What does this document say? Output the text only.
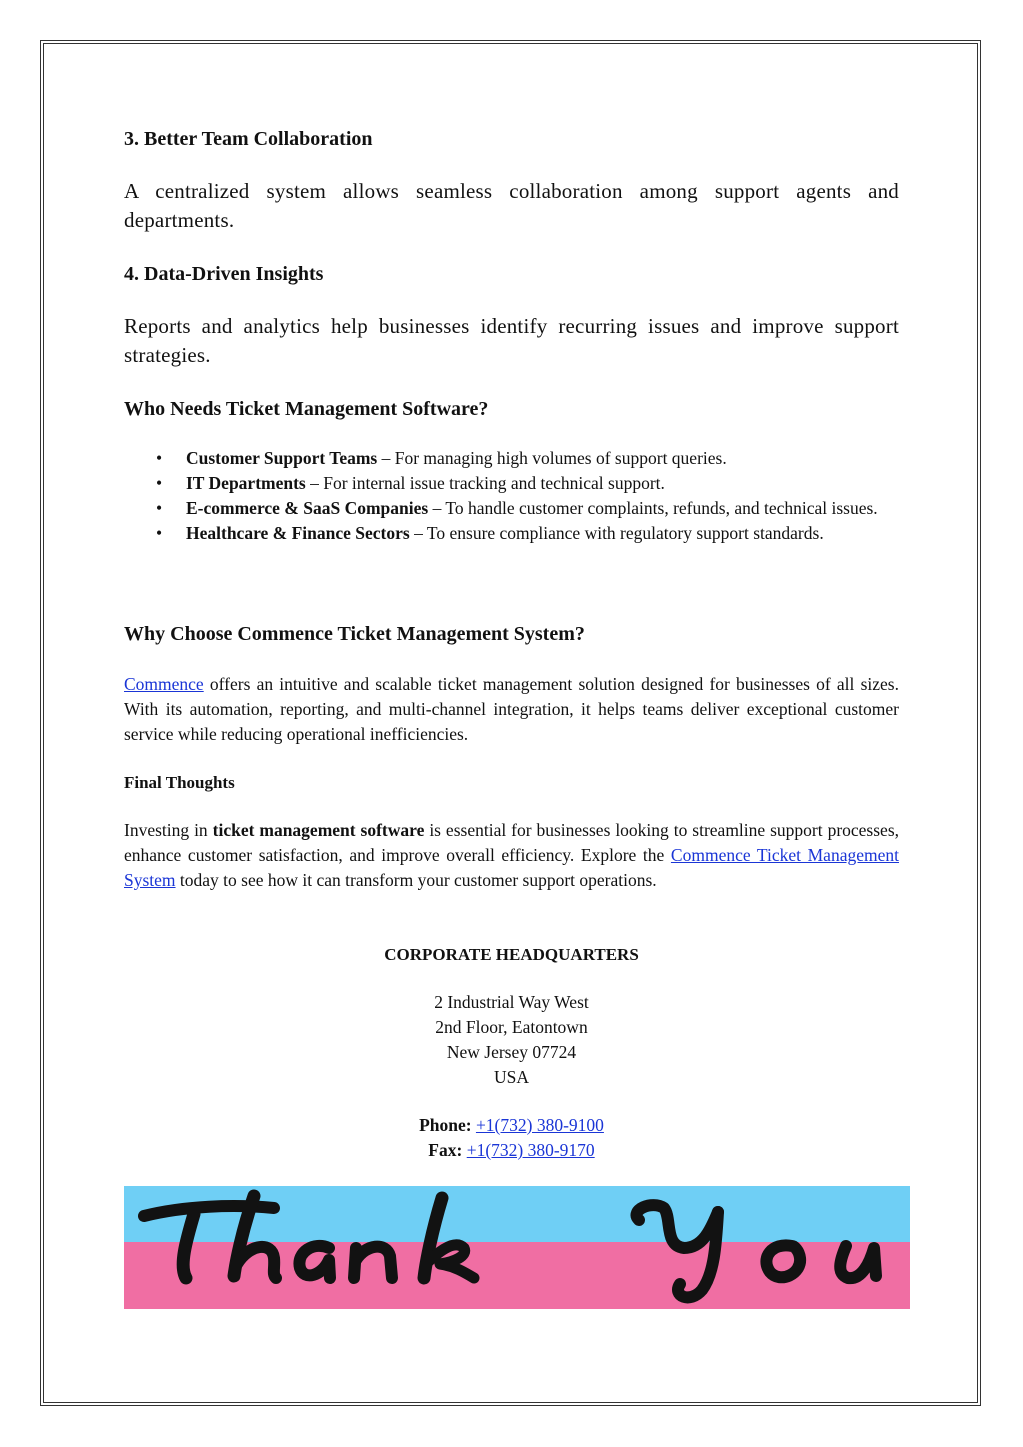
3. Better Team Collaboration

A centralized system allows seamless collaboration among support agents and departments.

4. Data-Driven Insights

Reports and analytics help businesses identify recurring issues and improve support strategies.

Who Needs Ticket Management Software?
• Customer Support Teams – For managing high volumes of support queries.
• IT Departments – For internal issue tracking and technical support.
• E-commerce & SaaS Companies – To handle customer complaints, refunds, and technical issues.
• Healthcare & Finance Sectors – To ensure compliance with regulatory support standards.
Why Choose Commence Ticket Management System?

Commence offers an intuitive and scalable ticket management solution designed for businesses of all sizes. With its automation, reporting, and multi-channel integration, it helps teams deliver exceptional customer service while reducing operational inefficiencies.

Final Thoughts

Investing in ticket management software is essential for businesses looking to streamline support processes, enhance customer satisfaction, and improve overall efficiency. Explore the Commence Ticket Management System today to see how it can transform your customer support operations.

CORPORATE HEADQUARTERS

2 Industrial Way West
2nd Floor, Eatontown
New Jersey 07724
USA
Phone: +1(732) 380-9100
Fax: +1(732) 380-9170
